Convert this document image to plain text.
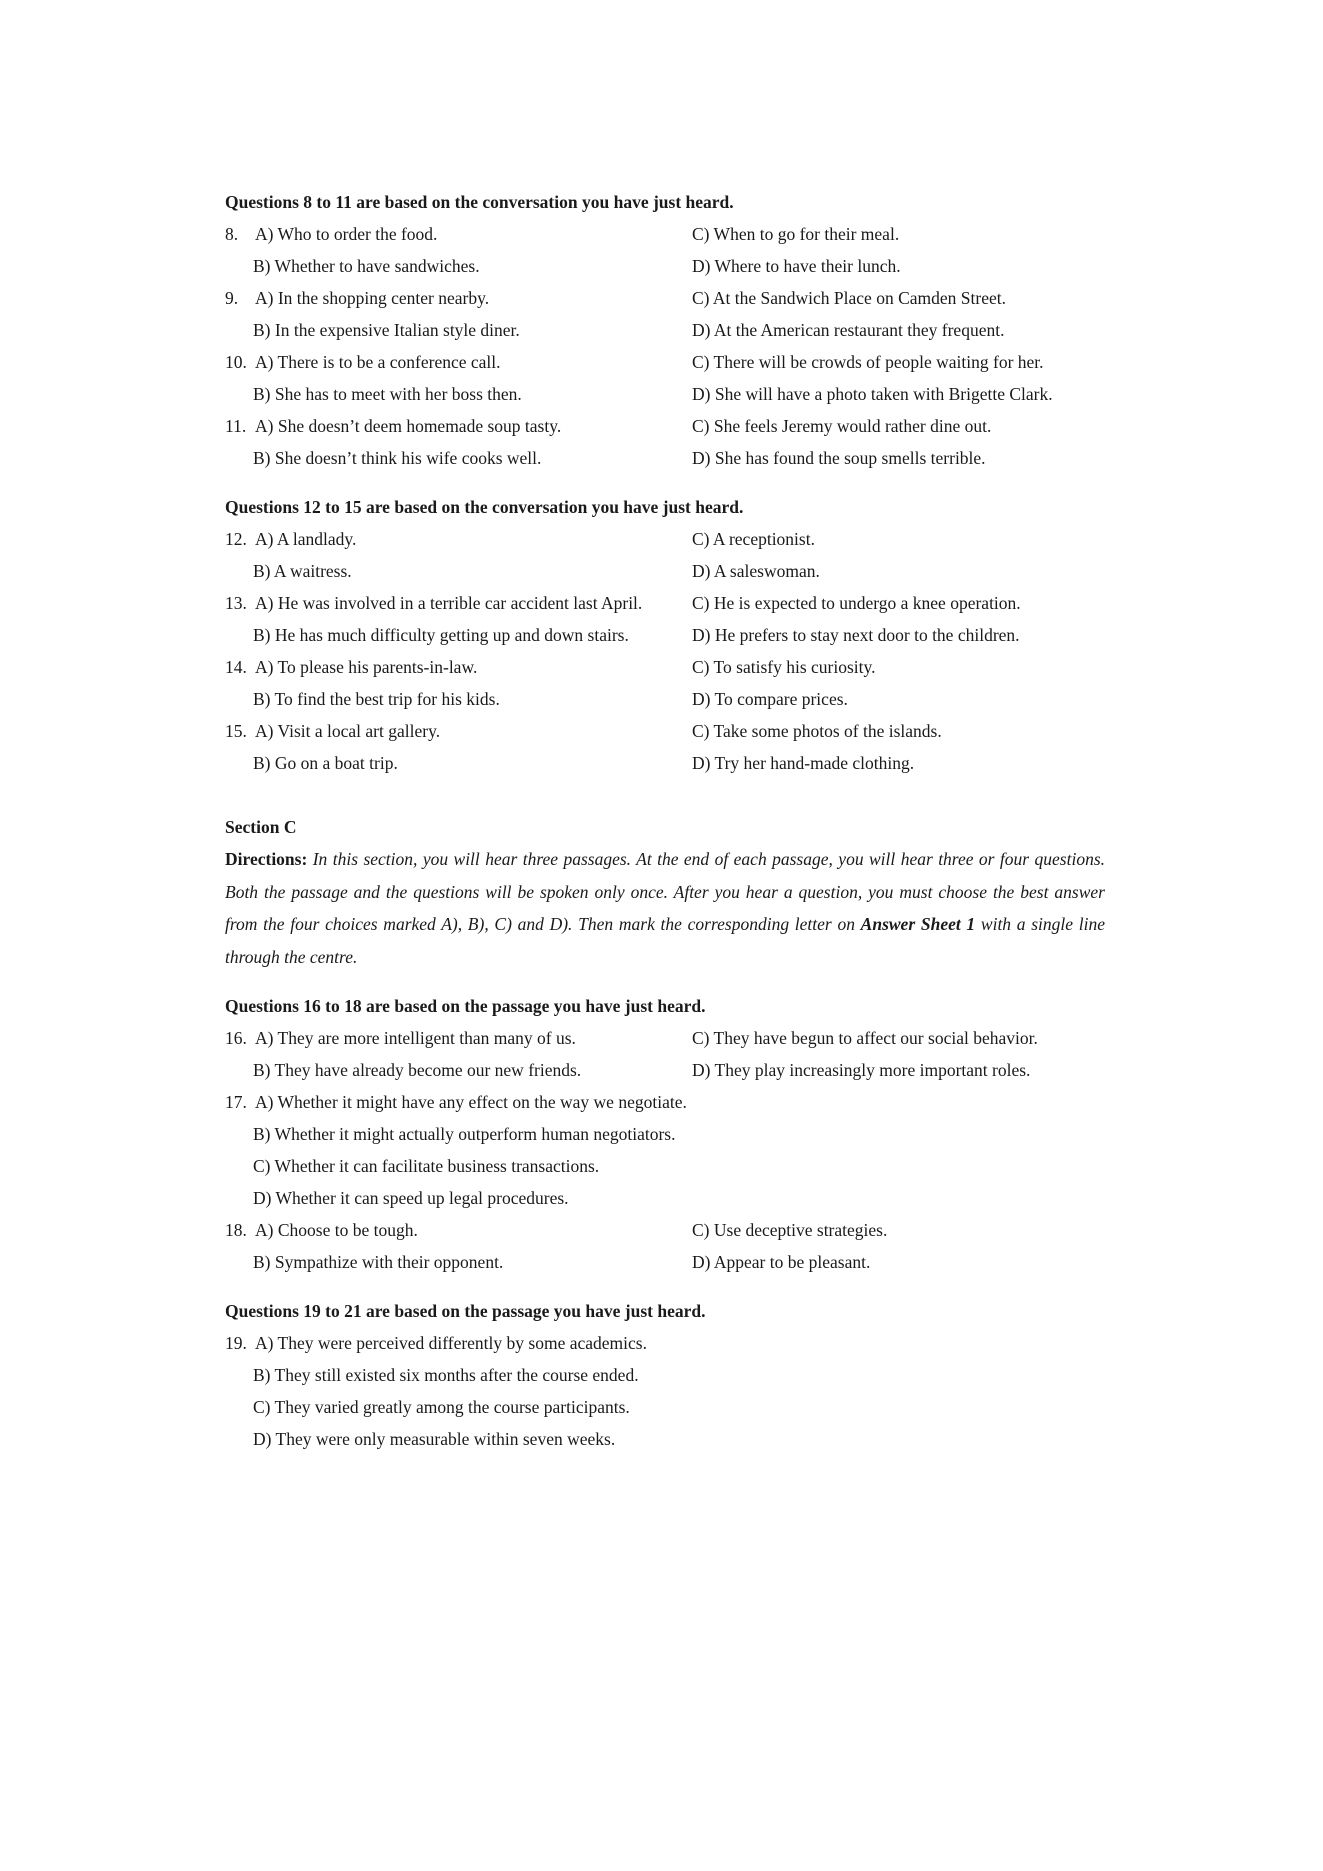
Questions 8 to 11 are based on the conversation you have just heard.
8. A) Who to order the food.	C) When to go for their meal.
B) Whether to have sandwiches.	D) Where to have their lunch.
9. A) In the shopping center nearby.	C) At the Sandwich Place on Camden Street.
B) In the expensive Italian style diner.	D) At the American restaurant they frequent.
10. A) There is to be a conference call.	C) There will be crowds of people waiting for her.
B) She has to meet with her boss then.	D) She will have a photo taken with Brigette Clark.
11. A) She doesn’t deem homemade soup tasty.	C) She feels Jeremy would rather dine out.
B) She doesn’t think his wife cooks well.	D) She has found the soup smells terrible.
Questions 12 to 15 are based on the conversation you have just heard.
12. A) A landlady.	C) A receptionist.
B) A waitress.	D) A saleswoman.
13. A) He was involved in a terrible car accident last April.	C) He is expected to undergo a knee operation.
B) He has much difficulty getting up and down stairs.	D) He prefers to stay next door to the children.
14. A) To please his parents-in-law.	C) To satisfy his curiosity.
B) To find the best trip for his kids.	D) To compare prices.
15. A) Visit a local art gallery.	C) Take some photos of the islands.
B) Go on a boat trip.	D) Try her hand-made clothing.
Section C
Directions: In this section, you will hear three passages. At the end of each passage, you will hear three or four questions. Both the passage and the questions will be spoken only once. After you hear a question, you must choose the best answer from the four choices marked A), B), C) and D). Then mark the corresponding letter on Answer Sheet 1 with a single line through the centre.
Questions 16 to 18 are based on the passage you have just heard.
16. A) They are more intelligent than many of us.	C) They have begun to affect our social behavior.
B) They have already become our new friends.	D) They play increasingly more important roles.
17. A) Whether it might have any effect on the way we negotiate.
B) Whether it might actually outperform human negotiators.
C) Whether it can facilitate business transactions.
D) Whether it can speed up legal procedures.
18. A) Choose to be tough.	C) Use deceptive strategies.
B) Sympathize with their opponent.	D) Appear to be pleasant.
Questions 19 to 21 are based on the passage you have just heard.
19. A) They were perceived differently by some academics.
B) They still existed six months after the course ended.
C) They varied greatly among the course participants.
D) They were only measurable within seven weeks.
